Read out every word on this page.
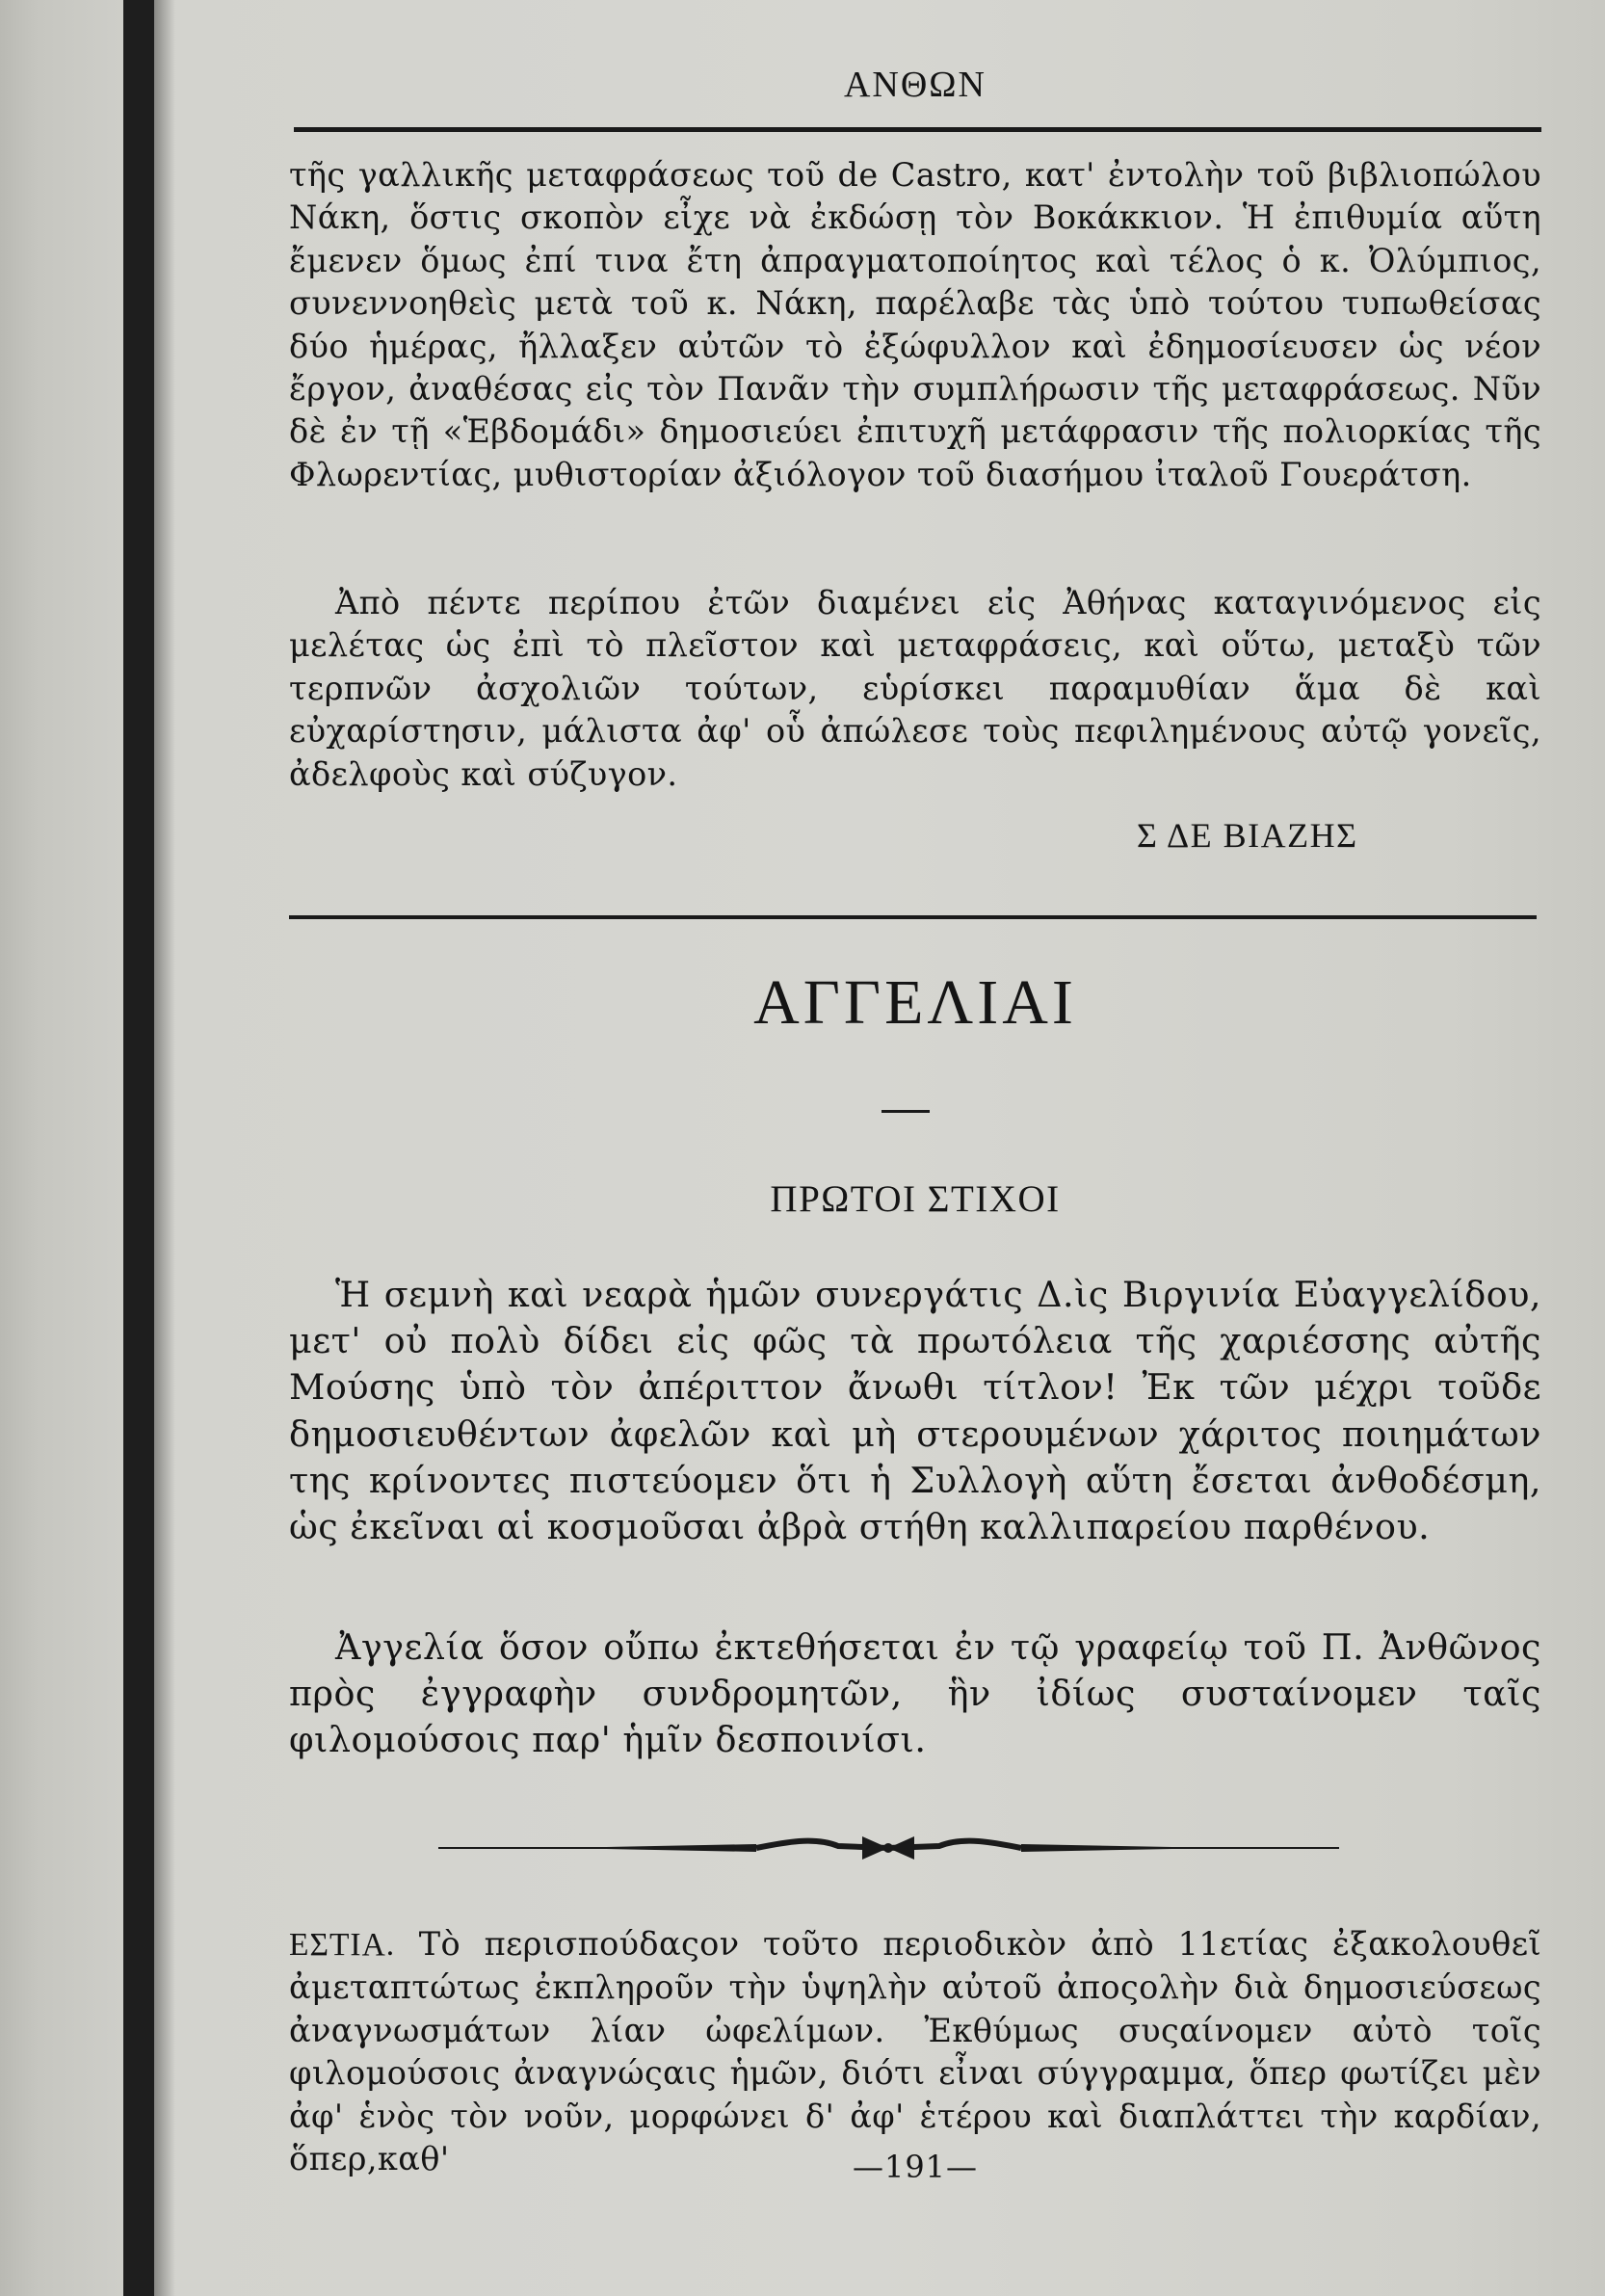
ΑΝΘΩΝ

τῆς γαλλικῆς μεταφράσεως τοῦ de Castro, κατ' ἐντολὴν τοῦ βιβλιοπώλου Νάκη, ὅστις σκοπὸν εἶχε νὰ ἐκδώσῃ τὸν Βοκάκκιον. Ἡ ἐπιθυμία αὕτη ἔμενεν ὅμως ἐπί τινα ἔτη ἀπραγματοποίητος καὶ τέλος ὁ κ. Ὀλύμπιος, συνεννοηθεὶς μετὰ τοῦ κ. Νάκη, παρέλαβε τὰς ὑπὸ τούτου τυπωθείσας δύο ἡμέρας, ἤλλαξεν αὐτῶν τὸ ἐξώφυλλον καὶ ἐδημοσίευσεν ὡς νέον ἔργον, ἀναθέσας εἰς τὸν Πανᾶν τὴν συμπλήρωσιν τῆς μεταφράσεως. Νῦν δὲ ἐν τῇ «Ἑβδομάδι» δημοσιεύει ἐπιτυχῆ μετάφρασιν τῆς πολιορκίας τῆς Φλωρεντίας, μυθιστορίαν ἀξιόλογον τοῦ διασήμου ἰταλοῦ Γουεράτση.

Ἀπὸ πέντε περίπου ἐτῶν διαμένει εἰς Ἀθήνας καταγινόμενος εἰς μελέτας ὡς ἐπὶ τὸ πλεῖστον καὶ μεταφράσεις, καὶ οὕτω, μεταξὺ τῶν τερπνῶν ἀσχολιῶν τούτων, εὑρίσκει παραμυθίαν ἅμα δὲ καὶ εὐχαρίστησιν, μάλιστα ἀφ' οὗ ἀπώλεσε τοὺς πεφιλημένους αὐτῷ γονεῖς, ἀδελφοὺς καὶ σύζυγον.

Σ ΔΕ ΒΙΑΖΗΣ
ΑΓΓΕΛΙΑΙ
ΠΡΩΤΟΙ ΣΤΙΧΟΙ

Ἡ σεμνὴ καὶ νεαρὰ ἡμῶν συνεργάτις Δ.ὶς Βιργινία Εὐαγγελίδου, μετ' οὐ πολὺ δίδει εἰς φῶς τὰ πρωτόλεια τῆς χαριέσσης αὐτῆς Μούσης ὑπὸ τὸν ἀπέριττον ἄνωθι τίτλον! Ἐκ τῶν μέχρι τοῦδε δημοσιευθέντων ἀφελῶν καὶ μὴ στερουμένων χάριτος ποιημάτων της κρίνοντες πιστεύομεν ὅτι ἡ Συλλογὴ αὕτη ἔσεται ἀνθοδέσμη, ὡς ἐκεῖναι αἱ κοσμοῦσαι ἀβρὰ στήθη καλλιπαρείου παρθένου.

Ἀγγελία ὅσον οὔπω ἐκτεθήσεται ἐν τῷ γραφείῳ τοῦ Π. Ἀνθῶνος πρὸς ἐγγραφὴν συνδρομητῶν, ἣν ἰδίως συσταίνομεν ταῖς φιλομούσοις παρ' ἡμῖν δεσποινίσι.

ΕΣΤΙΑ. Τὸ περισπούδαςον τοῦτο περιοδικὸν ἀπὸ 11ετίας ἐξακολουθεῖ ἀμεταπτώτως ἐκπληροῦν τὴν ὑψηλὴν αὐτοῦ ἀποςολὴν διὰ δημοσιεύσεως ἀναγνωσμάτων λίαν ὠφελίμων. Ἐκθύμως συςαίνομεν αὐτὸ τοῖς φιλομούσοις ἀναγνώςαις ἡμῶν, διότι εἶναι σύγγραμμα, ὅπερ φωτίζει μὲν ἀφ' ἑνὸς τὸν νοῦν, μορφώνει δ' ἀφ' ἑτέρου καὶ διαπλάττει τὴν καρδίαν, ὅπερ,καθ'	—191—
